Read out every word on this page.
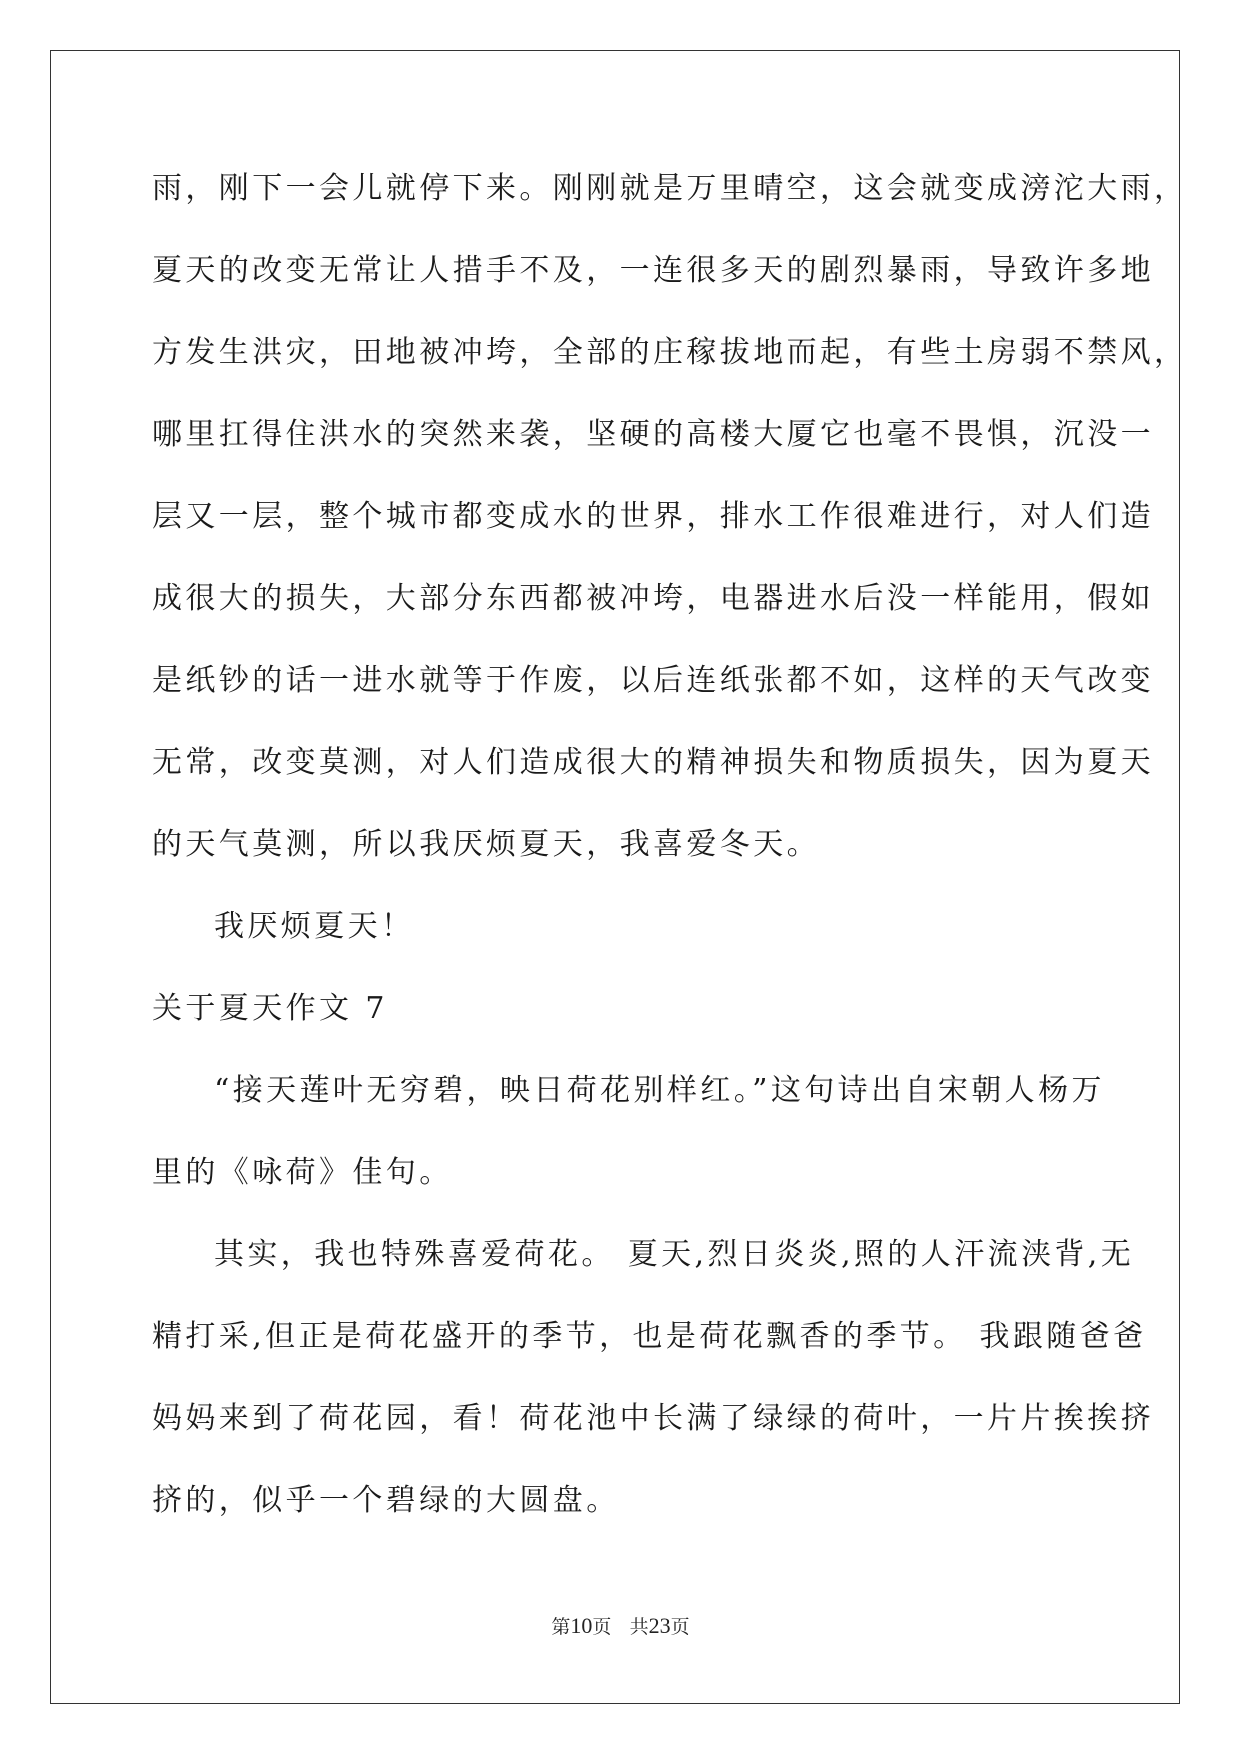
雨，刚下一会儿就停下来。刚刚就是万里晴空，这会就变成滂沱大雨，
夏天的改变无常让人措手不及，一连很多天的剧烈暴雨，导致许多地
方发生洪灾，田地被冲垮，全部的庄稼拔地而起，有些土房弱不禁风，
哪里扛得住洪水的突然来袭，坚硬的高楼大厦它也毫不畏惧，沉没一
层又一层，整个城市都变成水的世界，排水工作很难进行，对人们造
成很大的损失，大部分东西都被冲垮，电器进水后没一样能用，假如
是纸钞的话一进水就等于作废，以后连纸张都不如，这样的天气改变
无常，改变莫测，对人们造成很大的精神损失和物质损失，因为夏天
的天气莫测，所以我厌烦夏天，我喜爱冬天。
我厌烦夏天！
关于夏天作文 7
“接天莲叶无穷碧，映日荷花别样红。”这句诗出自宋朝人杨万
里的《咏荷》佳句。
其实，我也特殊喜爱荷花。 夏天,烈日炎炎,照的人汗流浃背,无
精打采,但正是荷花盛开的季节，也是荷花飘香的季节。 我跟随爸爸
妈妈来到了荷花园，看！荷花池中长满了绿绿的荷叶，一片片挨挨挤
挤的，似乎一个碧绿的大圆盘。
第10页 共23页
